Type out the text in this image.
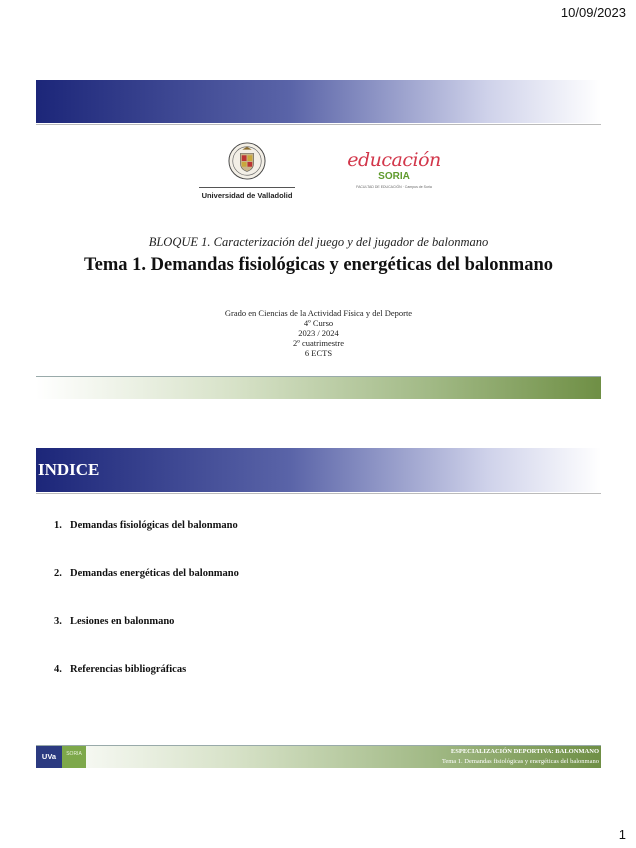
10/09/2023
Universidad de Valladolid
educación
SORIA
FACULTAD DE EDUCACIÓN · Campus de Soria
BLOQUE 1. Caracterización del juego y del jugador de balonmano
Tema 1. Demandas fisiológicas y energéticas del balonmano
Grado en Ciencias de la Actividad Física y del Deporte
4º Curso
2023 / 2024
2º cuatrimestre
6 ECTS
INDICE
1. Demandas fisiológicas del balonmano
2. Demandas energéticas del balonmano
3. Lesiones en balonmano
4. Referencias bibliográficas
UVa	SORIA	ESPECIALIZACIÓN DEPORTIVA: BALONMANO
Tema 1. Demandas fisiológicas y energéticas del balonmano
1
